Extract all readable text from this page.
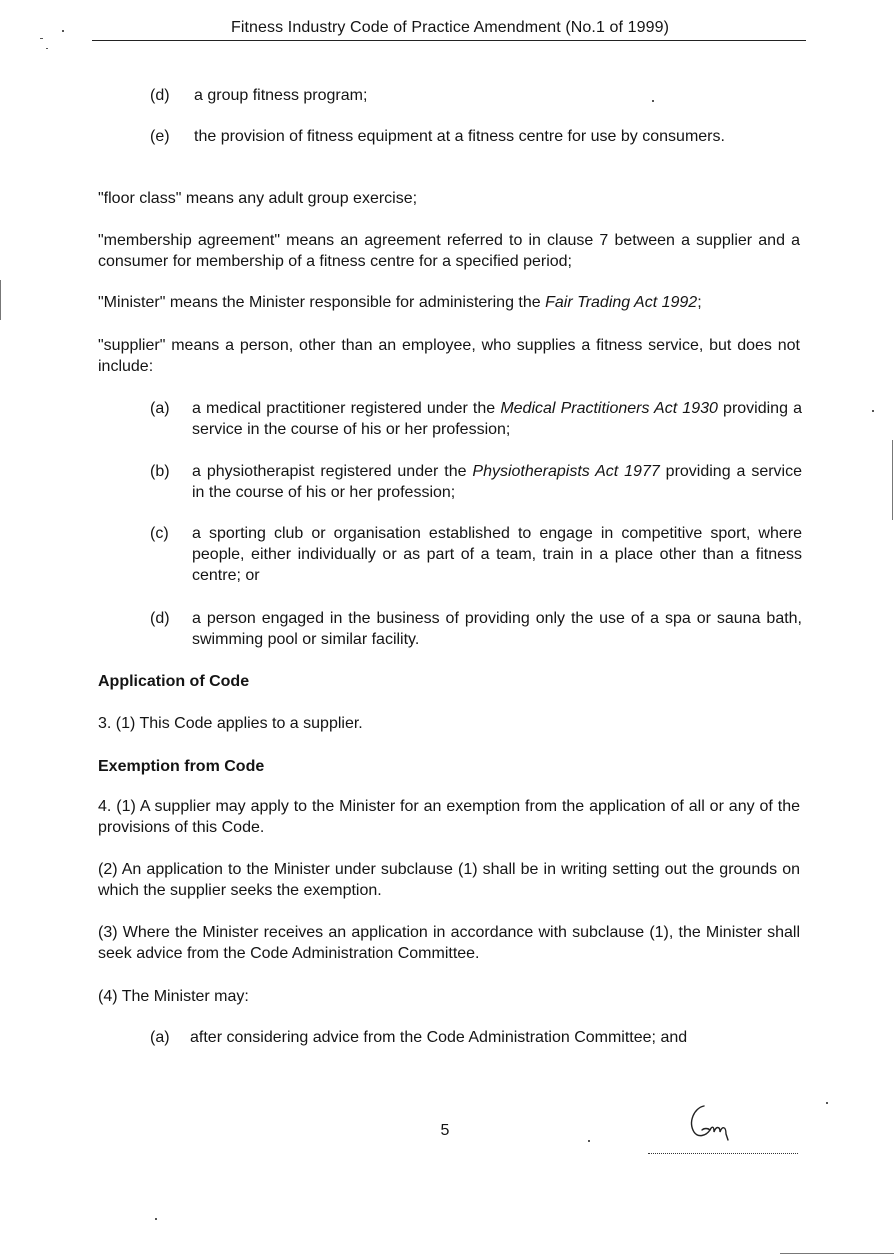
Fitness Industry Code of Practice Amendment (No.1 of 1999)
(d) a group fitness program;
(e) the provision of fitness equipment at a fitness centre for use by consumers.
"floor class" means any adult group exercise;
"membership agreement" means an agreement referred to in clause 7 between a supplier and a consumer for membership of a fitness centre for a specified period;
"Minister" means the Minister responsible for administering the Fair Trading Act 1992;
"supplier" means a person, other than an employee, who supplies a fitness service, but does not include:
(a) a medical practitioner registered under the Medical Practitioners Act 1930 providing a service in the course of his or her profession;
(b) a physiotherapist registered under the Physiotherapists Act 1977 providing a service in the course of his or her profession;
(c) a sporting club or organisation established to engage in competitive sport, where people, either individually or as part of a team, train in a place other than a fitness centre; or
(d) a person engaged in the business of providing only the use of a spa or sauna bath, swimming pool or similar facility.
Application of Code
3. (1) This Code applies to a supplier.
Exemption from Code
4. (1) A supplier may apply to the Minister for an exemption from the application of all or any of the provisions of this Code.
(2) An application to the Minister under subclause (1) shall be in writing setting out the grounds on which the supplier seeks the exemption.
(3) Where the Minister receives an application in accordance with subclause (1), the Minister shall seek advice from the Code Administration Committee.
(4) The Minister may:
(a) after considering advice from the Code Administration Committee; and
5
